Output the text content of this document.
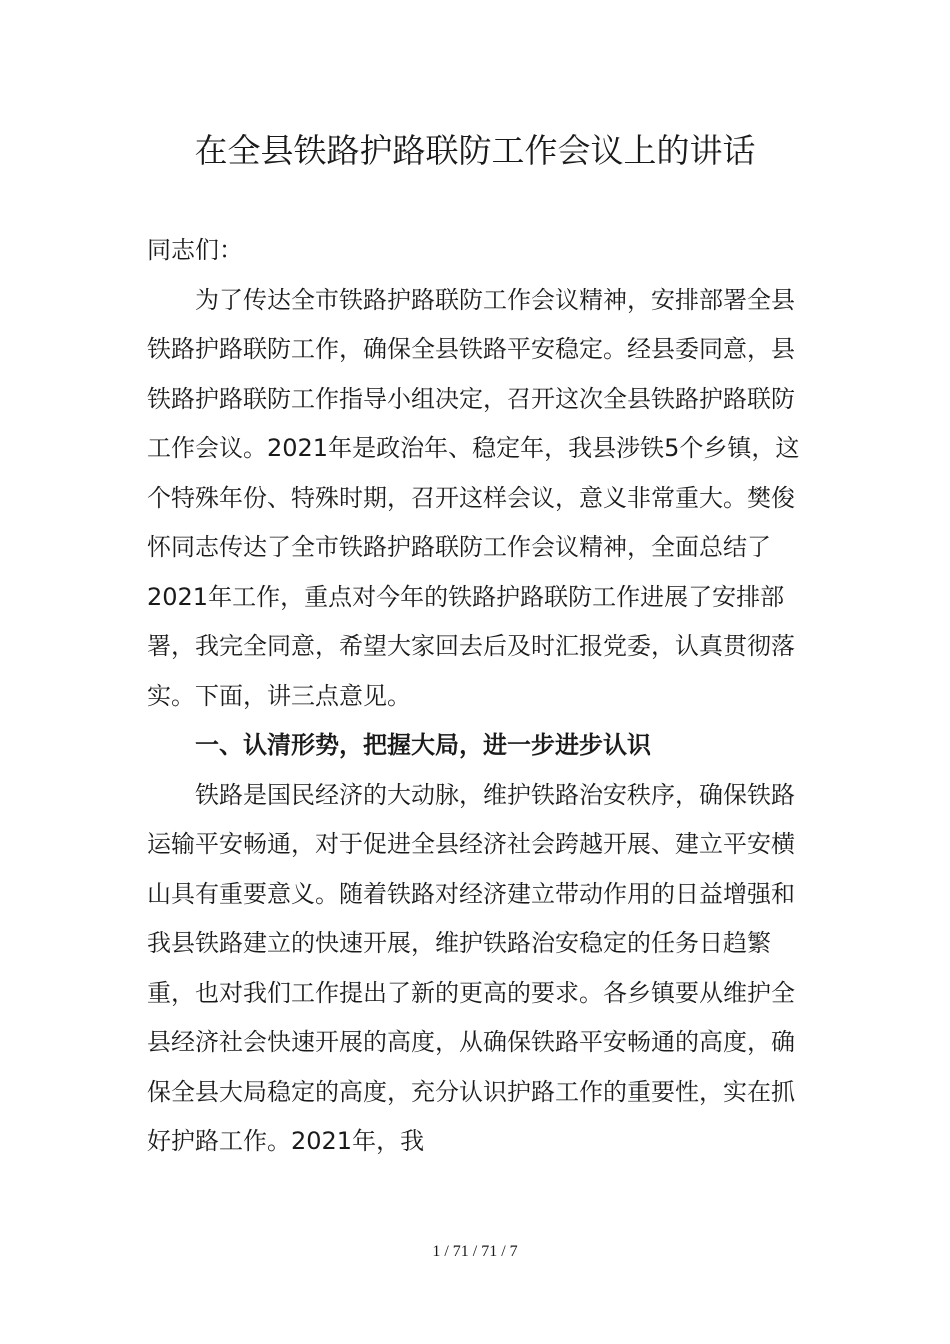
在全县铁路护路联防工作会议上的讲话

同志们：

为了传达全市铁路护路联防工作会议精神，安排部署全县铁路护路联防工作，确保全县铁路平安稳定。经县委同意，县铁路护路联防工作指导小组决定，召开这次全县铁路护路联防工作会议。2021年是政治年、稳定年，我县涉铁5个乡镇，这个特殊年份、特殊时期，召开这样会议，意义非常重大。樊俊怀同志传达了全市铁路护路联防工作会议精神，全面总结了2021年工作，重点对今年的铁路护路联防工作进展了安排部署，我完全同意，希望大家回去后及时汇报党委，认真贯彻落实。下面，讲三点意见。

一、认清形势，把握大局，进一步进步认识

铁路是国民经济的大动脉，维护铁路治安秩序，确保铁路运输平安畅通，对于促进全县经济社会跨越开展、建立平安横山具有重要意义。随着铁路对经济建立带动作用的日益增强和我县铁路建立的快速开展，维护铁路治安稳定的任务日趋繁重，也对我们工作提出了新的更高的要求。各乡镇要从维护全县经济社会快速开展的高度，从确保铁路平安畅通的高度，确保全县大局稳定的高度，充分认识护路工作的重要性，实在抓好护路工作。2021年，我

1 / 71 / 71 / 7
